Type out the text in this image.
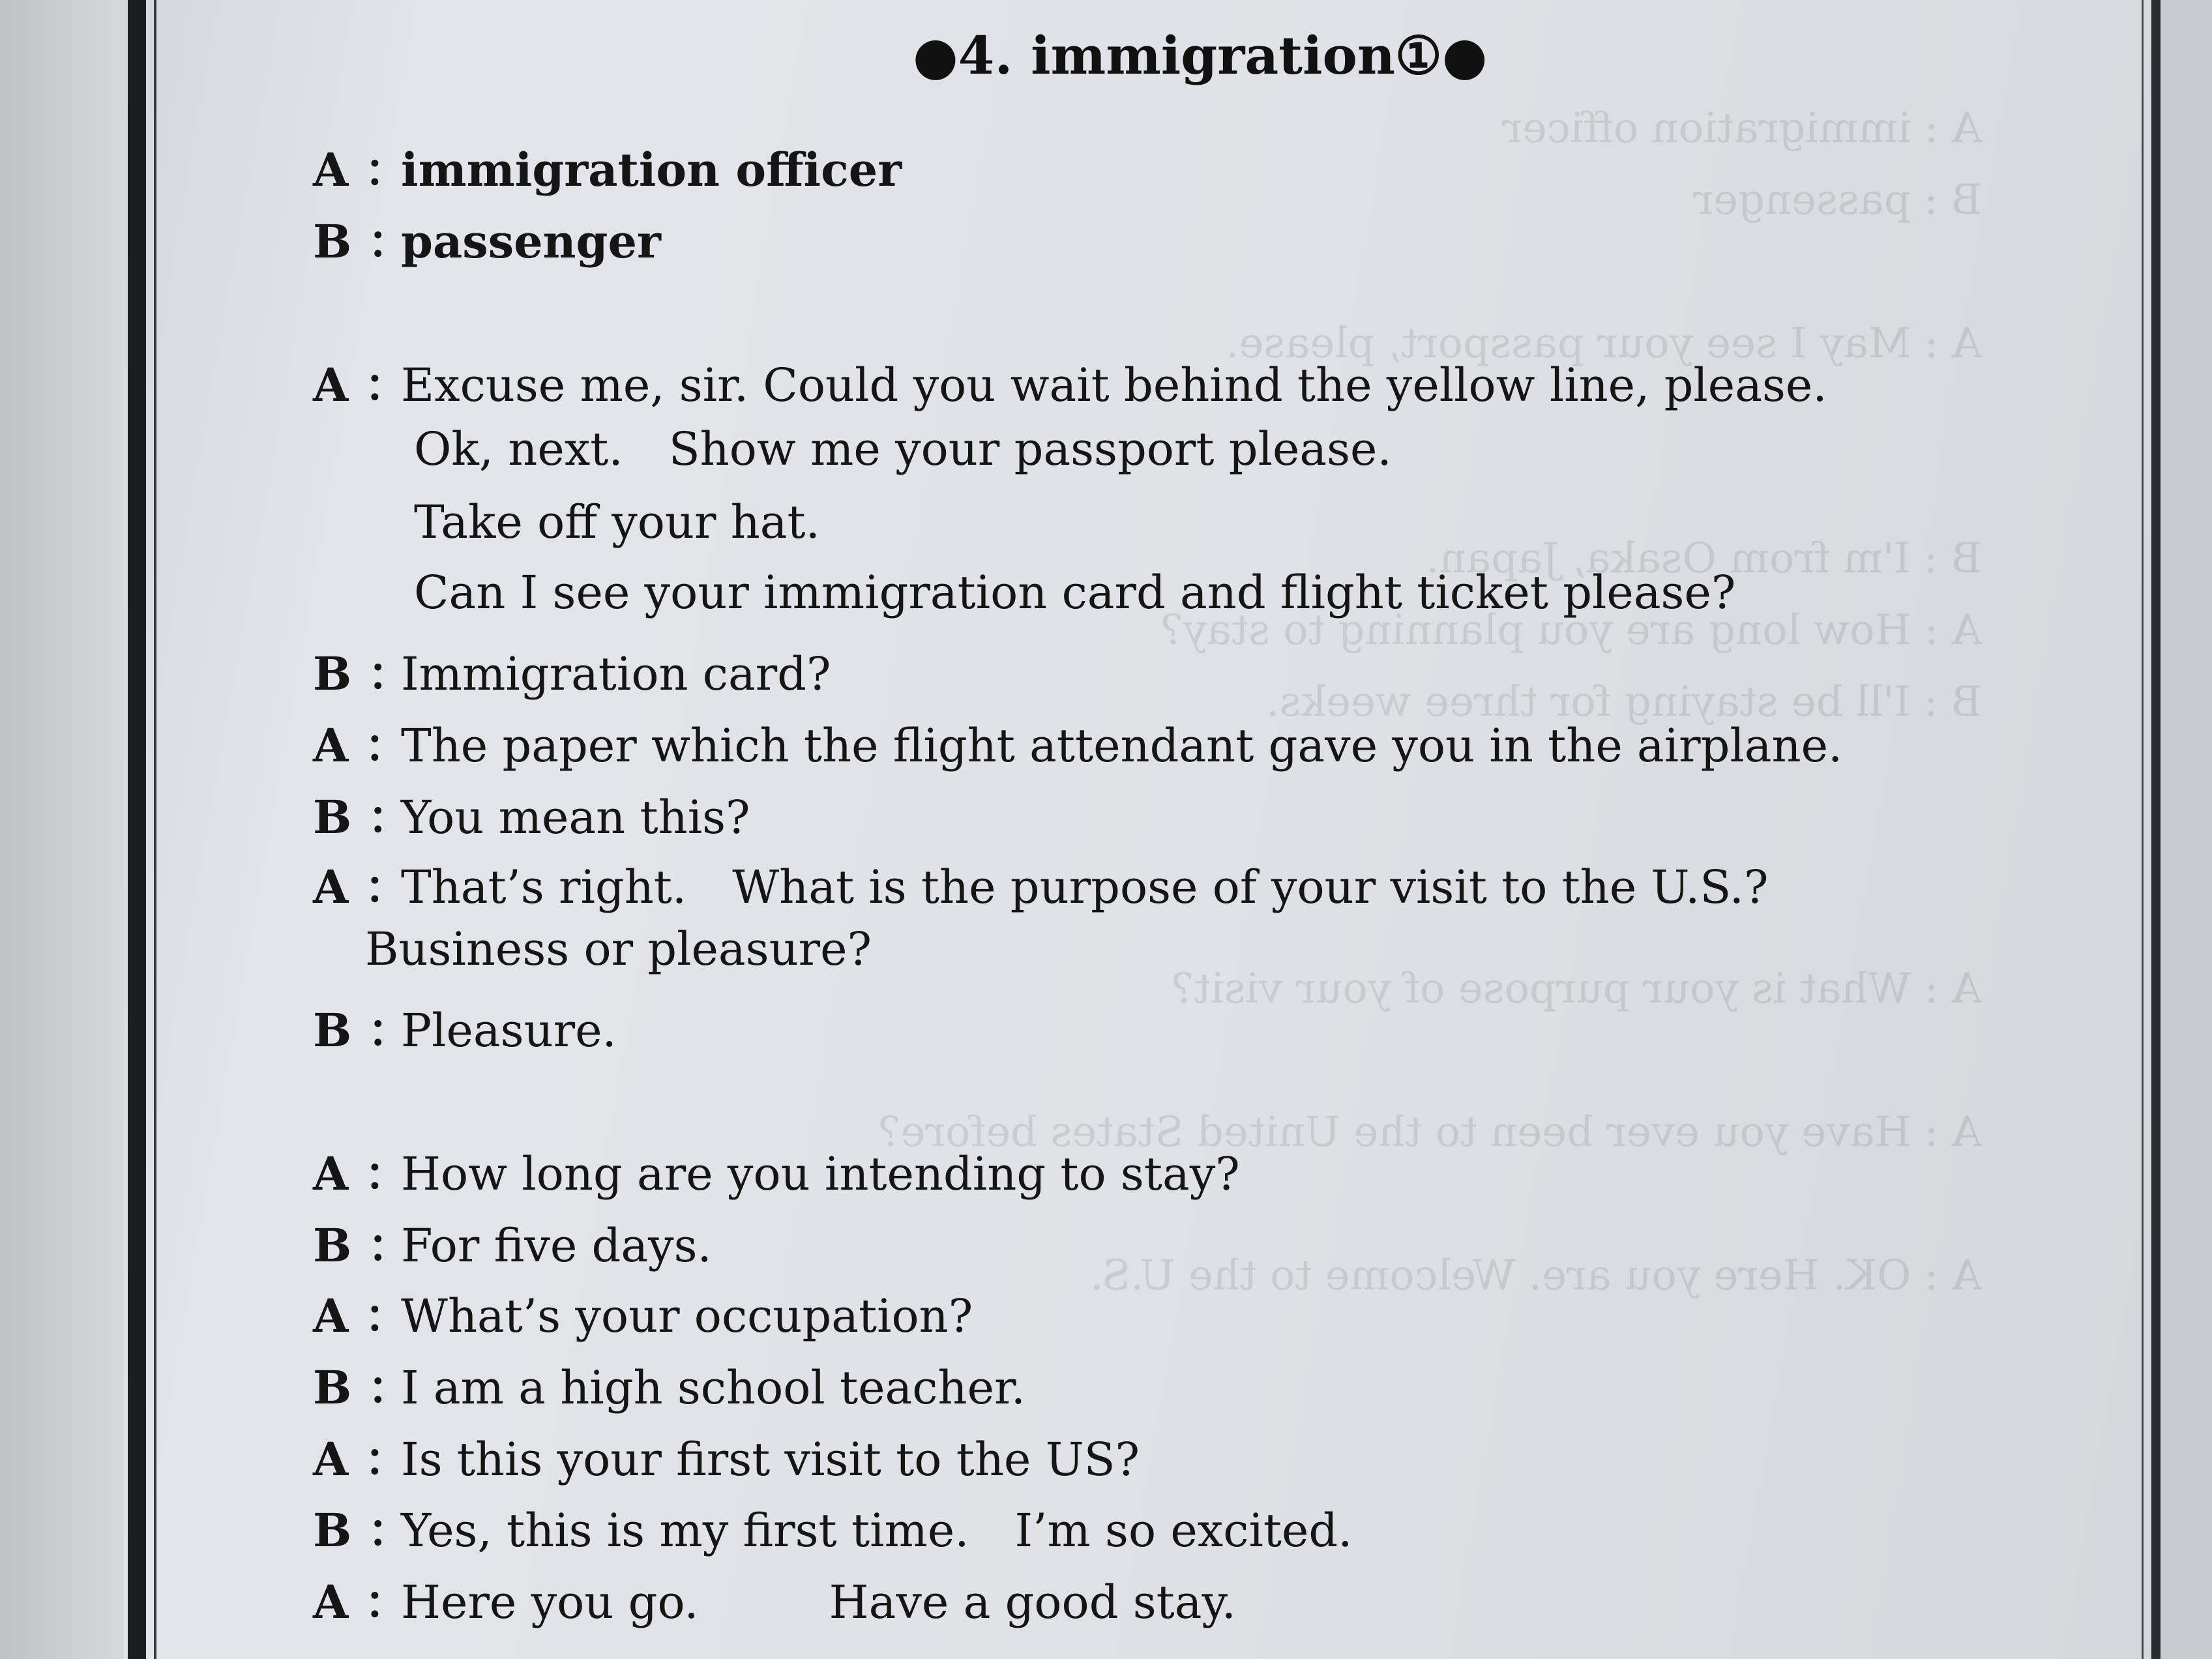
A : immigration officer
B : passenger
A : May I see your passport, please.
B : I'm from Osaka, Japan.
A : How long are you planning to stay?
B : I'll be staying for three weeks.
A : What is your purpose of your visit?
A : Have you ever been to the United States before?
A : OK. Here you are. Welcome to the U.S.
●4. immigration①●
A ：immigration officer
B ：passenger
A ：Excuse me, sir. Could you wait behind the yellow line, please.
Ok, next. Show me your passport please.
Take off your hat.
Can I see your immigration card and flight ticket please?
B ：Immigration card?
A ：The paper which the flight attendant gave you in the airplane.
B ：You mean this?
A ：That’s right. What is the purpose of your visit to the U.S.?
Business or pleasure?
B ：Pleasure.
A ：How long are you intending to stay?
B ：For five days.
A ：What’s your occupation?
B ：I am a high school teacher.
A ：Is this your first visit to the US?
B ：Yes, this is my first time. I’m so excited.
A ：Here you go.	Have a good stay.
